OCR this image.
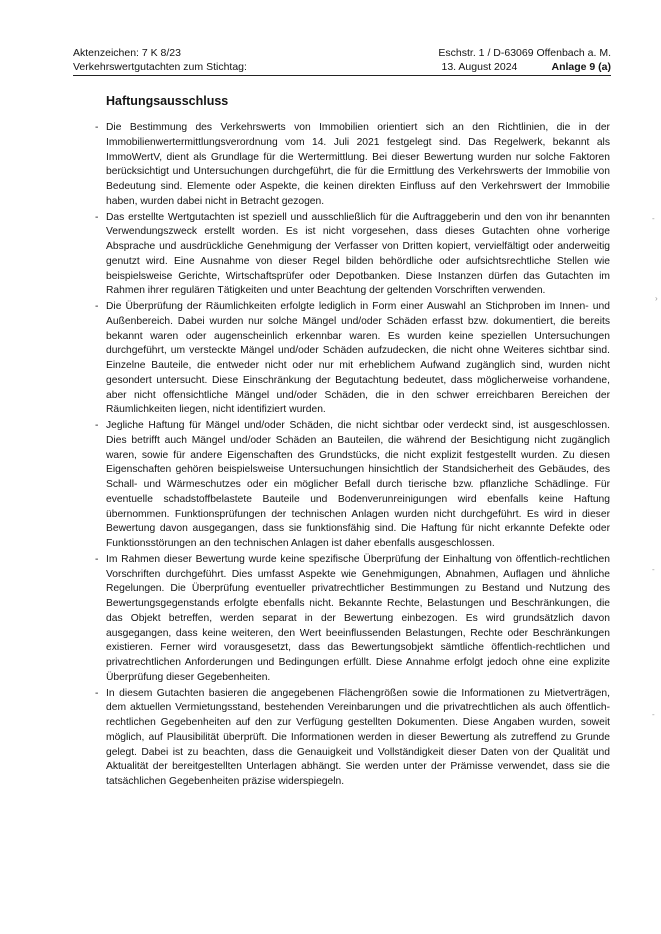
Aktenzeichen: 7 K 8/23	Eschstr. 1 / D-63069 Offenbach a. M.
Verkehrswertgutachten zum Stichtag:	13. August 2024	Anlage 9 (a)
Haftungsausschluss
- Die Bestimmung des Verkehrswerts von Immobilien orientiert sich an den Richtlinien, die in der Immobilienwertermittlungsverordnung vom 14. Juli 2021 festgelegt sind. Das Regelwerk, bekannt als ImmoWertV, dient als Grundlage für die Wertermittlung. Bei dieser Bewertung wurden nur solche Faktoren berücksichtigt und Untersuchungen durchgeführt, die für die Ermittlung des Verkehrswerts der Immobilie von Bedeutung sind. Elemente oder Aspekte, die keinen direkten Einfluss auf den Verkehrswert der Immobilie haben, wurden dabei nicht in Betracht gezogen.
- Das erstellte Wertgutachten ist speziell und ausschließlich für die Auftraggeberin und den von ihr benannten Verwendungszweck erstellt worden. Es ist nicht vorgesehen, dass dieses Gutachten ohne vorherige Absprache und ausdrückliche Genehmigung der Verfasser von Dritten kopiert, vervielfältigt oder anderweitig genutzt wird. Eine Ausnahme von dieser Regel bilden behördliche oder aufsichtsrechtliche Stellen wie beispielsweise Gerichte, Wirtschaftsprüfer oder Depotbanken. Diese Instanzen dürfen das Gutachten im Rahmen ihrer regulären Tätigkeiten und unter Beachtung der geltenden Vorschriften verwenden.
- Die Überprüfung der Räumlichkeiten erfolgte lediglich in Form einer Auswahl an Stichproben im Innen- und Außenbereich. Dabei wurden nur solche Mängel und/oder Schäden erfasst bzw. dokumentiert, die bereits bekannt waren oder augenscheinlich erkennbar waren. Es wurden keine speziellen Untersuchungen durchgeführt, um versteckte Mängel und/oder Schäden aufzudecken, die nicht ohne Weiteres sichtbar sind. Einzelne Bauteile, die entweder nicht oder nur mit erheblichem Aufwand zugänglich sind, wurden nicht gesondert untersucht. Diese Einschränkung der Begutachtung bedeutet, dass möglicherweise vorhandene, aber nicht offensichtliche Mängel und/oder Schäden, die in den schwer erreichbaren Bereichen der Räumlichkeiten liegen, nicht identifiziert wurden.
- Jegliche Haftung für Mängel und/oder Schäden, die nicht sichtbar oder verdeckt sind, ist ausgeschlossen. Dies betrifft auch Mängel und/oder Schäden an Bauteilen, die während der Besichtigung nicht zugänglich waren, sowie für andere Eigenschaften des Grundstücks, die nicht explizit festgestellt wurden. Zu diesen Eigenschaften gehören beispielsweise Untersuchungen hinsichtlich der Standsicherheit des Gebäudes, des Schall- und Wärmeschutzes oder ein möglicher Befall durch tierische bzw. pflanzliche Schädlinge. Für eventuelle schadstoffbelastete Bauteile und Bodenverunreinigungen wird ebenfalls keine Haftung übernommen. Funktionsprüfungen der technischen Anlagen wurden nicht durchgeführt. Es wird in dieser Bewertung davon ausgegangen, dass sie funktionsfähig sind. Die Haftung für nicht erkannte Defekte oder Funktionsstörungen an den technischen Anlagen ist daher ebenfalls ausgeschlossen.
- Im Rahmen dieser Bewertung wurde keine spezifische Überprüfung der Einhaltung von öffentlich-rechtlichen Vorschriften durchgeführt. Dies umfasst Aspekte wie Genehmigungen, Abnahmen, Auflagen und ähnliche Regelungen. Die Überprüfung eventueller privatrechtlicher Bestimmungen zu Bestand und Nutzung des Bewertungsgegenstands erfolgte ebenfalls nicht. Bekannte Rechte, Belastungen und Beschränkungen, die das Objekt betreffen, werden separat in der Bewertung einbezogen. Es wird grundsätzlich davon ausgegangen, dass keine weiteren, den Wert beeinflussenden Belastungen, Rechte oder Beschränkungen existieren. Ferner wird vorausgesetzt, dass das Bewertungsobjekt sämtliche öffentlich-rechtlichen und privatrechtlichen Anforderungen und Bedingungen erfüllt. Diese Annahme erfolgt jedoch ohne eine explizite Überprüfung dieser Gegebenheiten.
- In diesem Gutachten basieren die angegebenen Flächengrößen sowie die Informationen zu Mietverträgen, dem aktuellen Vermietungsstand, bestehenden Vereinbarungen und die privatrechtlichen als auch öffentlich-rechtlichen Gegebenheiten auf den zur Verfügung gestellten Dokumenten. Diese Angaben wurden, soweit möglich, auf Plausibilität überprüft. Die Informationen werden in dieser Bewertung als zutreffend zu Grunde gelegt. Dabei ist zu beachten, dass die Genauigkeit und Vollständigkeit dieser Daten von der Qualität und Aktualität der bereitgestellten Unterlagen abhängt. Sie werden unter der Prämisse verwendet, dass sie die tatsächlichen Gegebenheiten präzise widerspiegeln.
-
›
-
-
